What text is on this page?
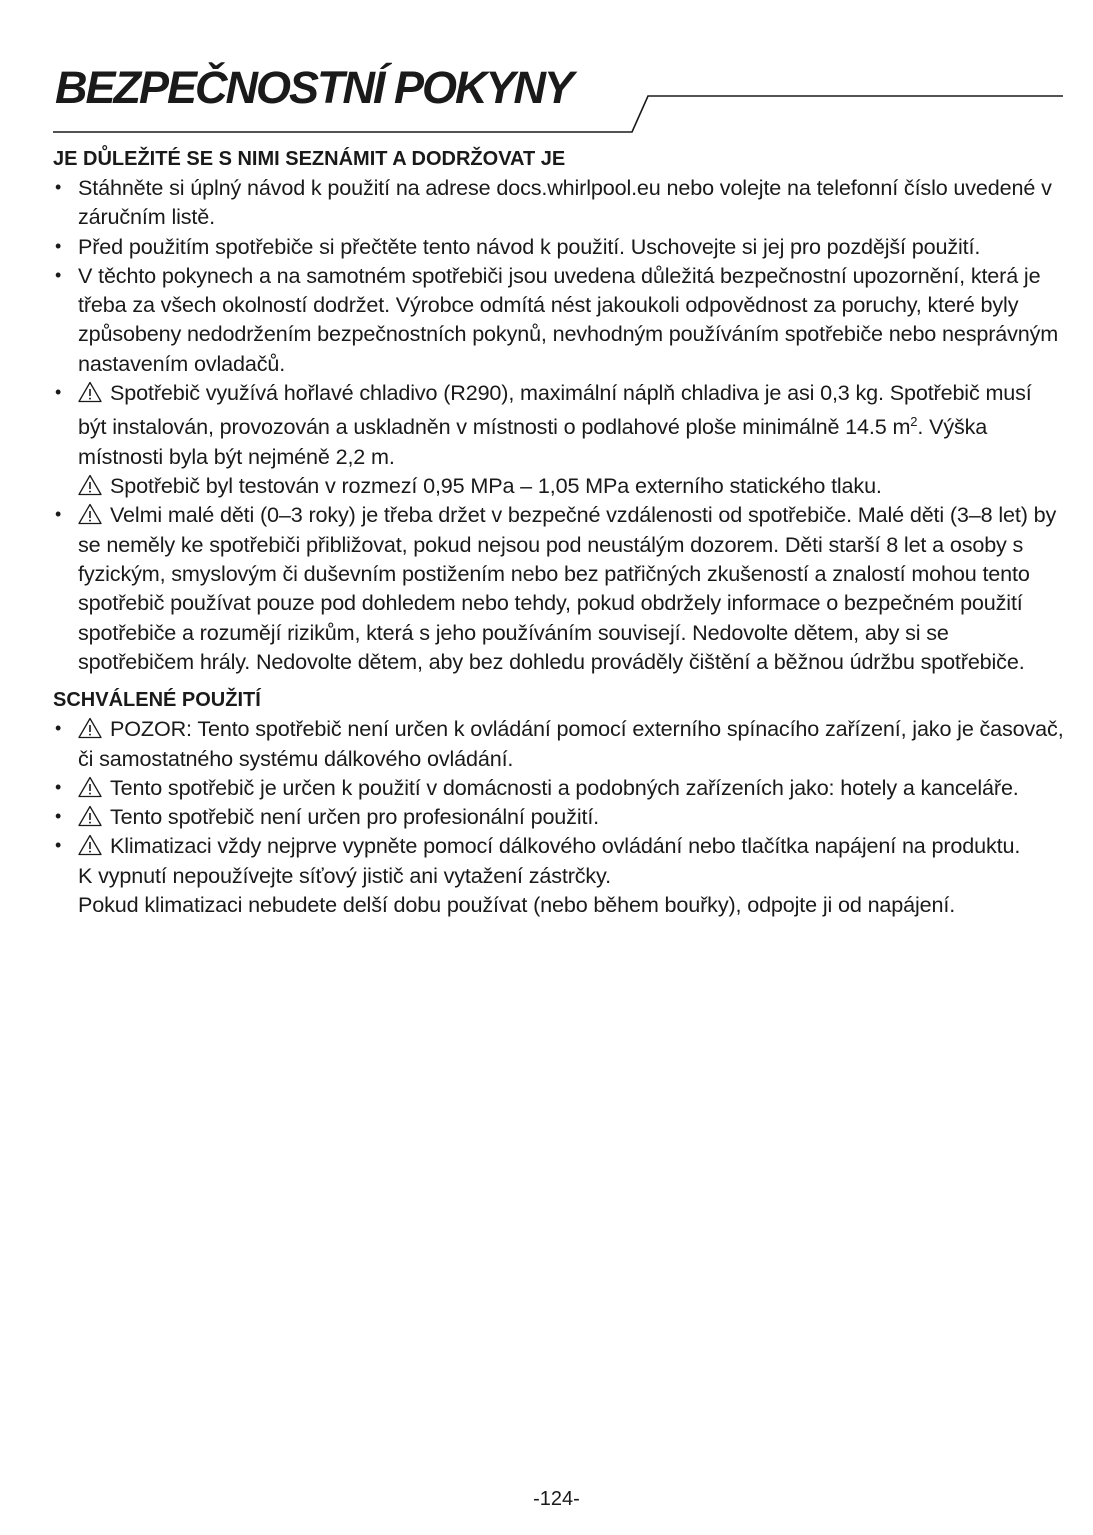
BEZPEČNOSTNÍ POKYNY
JE DŮLEŽITÉ SE S NIMI SEZNÁMIT A DODRŽOVAT JE
• Stáhněte si úplný návod k použití na adrese docs.whirlpool.eu nebo volejte na telefonní číslo uvedené v záručním listě.
• Před použitím spotřebiče si přečtěte tento návod k použití. Uschovejte si jej pro pozdější použití.
• V těchto pokynech a na samotném spotřebiči jsou uvedena důležitá bezpečnostní upozornění, která je třeba za všech okolností dodržet. Výrobce odmítá nést jakoukoli odpovědnost za poruchy, které byly způsobeny nedodržením bezpečnostních pokynů, nevhodným používáním spotřebiče nebo nesprávným nastavením ovladačů.
• Spotřebič využívá hořlavé chladivo (R290), maximální náplň chladiva je asi 0,3 kg. Spotřebič musí být instalován, provozován a uskladněn v místnosti o podlahové ploše minimálně 14.5 $m^2$. Výška místnosti byla být nejméně 2,2 m.
Spotřebič byl testován v rozmezí 0,95 MPa – 1,05 MPa externího statického tlaku.
• Velmi malé děti (0–3 roky) je třeba držet v bezpečné vzdálenosti od spotřebiče. Malé děti (3–8 let) by se neměly ke spotřebiči přibližovat, pokud nejsou pod neustálým dozorem. Děti starší 8 let a osoby s fyzickým, smyslovým či duševním postižením nebo bez patřičných zkušeností a znalostí mohou tento spotřebič používat pouze pod dohledem nebo tehdy, pokud obdržely informace o bezpečném použití spotřebiče a rozumějí rizikům, která s jeho používáním souvisejí. Nedovolte dětem, aby si se spotřebičem hrály. Nedovolte dětem, aby bez dohledu prováděly čištění a běžnou údržbu spotřebiče.
SCHVÁLENÉ POUŽITÍ
• POZOR: Tento spotřebič není určen k ovládání pomocí externího spínacího zařízení, jako je časovač, či samostatného systému dálkového ovládání.
• Tento spotřebič je určen k použití v domácnosti a podobných zařízeních jako: hotely a kanceláře.
• Tento spotřebič není určen pro profesionální použití.
• Klimatizaci vždy nejprve vypněte pomocí dálkového ovládání nebo tlačítka napájení na produktu.
K vypnutí nepoužívejte síťový jistič ani vytažení zástrčky.
Pokud klimatizaci nebudete delší dobu používat (nebo během bouřky), odpojte ji od napájení.
-124-
